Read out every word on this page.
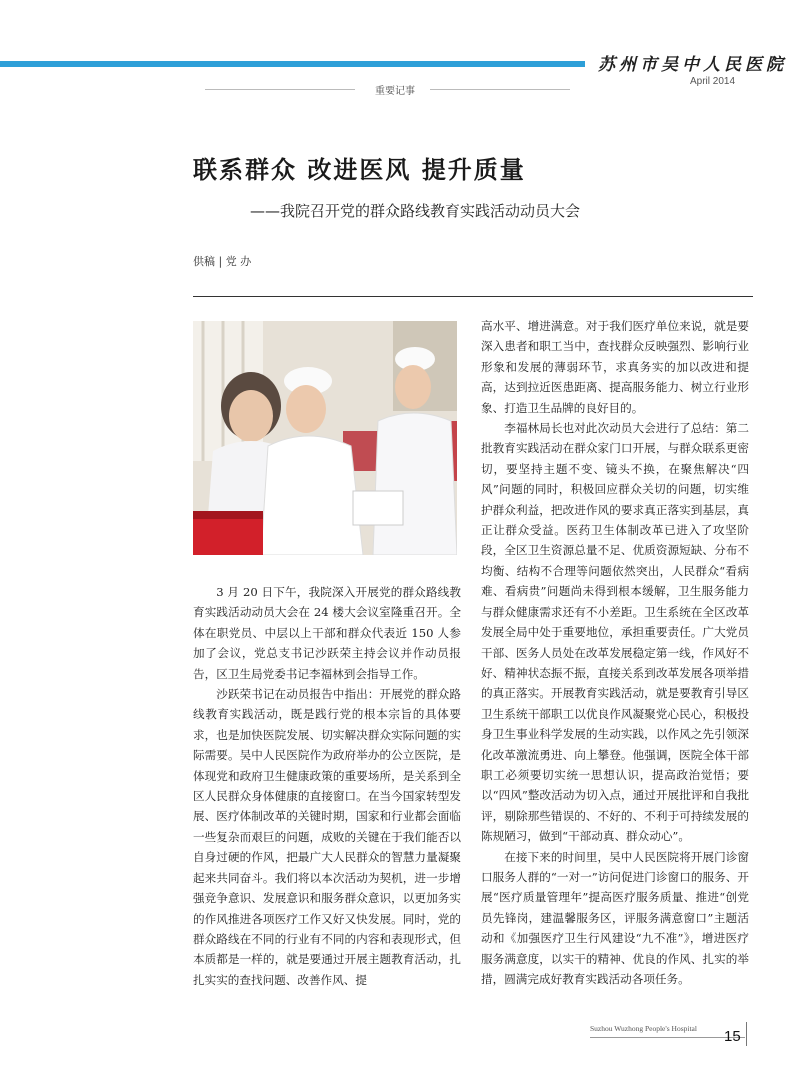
苏州市吴中人民医院
April 2014
重要记事
联系群众 改进医风 提升质量
——我院召开党的群众路线教育实践活动动员大会
供稿 | 党 办

3 月 20 日下午，我院深入开展党的群众路线教育实践活动动员大会在 24 楼大会议室隆重召开。全体在职党员、中层以上干部和群众代表近 150 人参加了会议，党总支书记沙跃荣主持会议并作动员报告，区卫生局党委书记李福林到会指导工作。

沙跃荣书记在动员报告中指出：开展党的群众路线教育实践活动，既是践行党的根本宗旨的具体要求，也是加快医院发展、切实解决群众实际问题的实际需要。吴中人民医院作为政府举办的公立医院，是体现党和政府卫生健康政策的重要场所，是关系到全区人民群众身体健康的直接窗口。在当今国家转型发展、医疗体制改革的关键时期，国家和行业都会面临一些复杂而艰巨的问题，成败的关键在于我们能否以自身过硬的作风，把最广大人民群众的智慧力量凝聚起来共同奋斗。我们将以本次活动为契机，进一步增强竞争意识、发展意识和服务群众意识，以更加务实的作风推进各项医疗工作又好又快发展。同时，党的群众路线在不同的行业有不同的内容和表现形式，但本质都是一样的，就是要通过开展主题教育活动，扎扎实实的查找问题、改善作风、提

高水平、增进满意。对于我们医疗单位来说，就是要深入患者和职工当中，查找群众反映强烈、影响行业形象和发展的薄弱环节，求真务实的加以改进和提高，达到拉近医患距离、提高服务能力、树立行业形象、打造卫生品牌的良好目的。

李福林局长也对此次动员大会进行了总结：第二批教育实践活动在群众家门口开展，与群众联系更密切，要坚持主题不变、镜头不换，在聚焦解决“四风”问题的同时，积极回应群众关切的问题，切实维护群众利益，把改进作风的要求真正落实到基层，真正让群众受益。医药卫生体制改革已进入了攻坚阶段，全区卫生资源总量不足、优质资源短缺、分布不均衡、结构不合理等问题依然突出，人民群众“看病难、看病贵”问题尚未得到根本缓解，卫生服务能力与群众健康需求还有不小差距。卫生系统在全区改革发展全局中处于重要地位，承担重要责任。广大党员干部、医务人员处在改革发展稳定第一线，作风好不好、精神状态振不振，直接关系到改革发展各项举措的真正落实。开展教育实践活动，就是要教育引导区卫生系统干部职工以优良作风凝聚党心民心，积极投身卫生事业科学发展的生动实践，以作风之先引领深化改革激流勇进、向上攀登。他强调，医院全体干部职工必须要切实统一思想认识，提高政治觉悟；要以“四风”整改活动为切入点，通过开展批评和自我批评，剔除那些错误的、不好的、不利于可持续发展的陈规陋习，做到“干部动真、群众动心”。

在接下来的时间里，吴中人民医院将开展门诊窗口服务人群的“一对一”访问促进门诊窗口的服务、开展“医疗质量管理年”提高医疗服务质量、推进“创党员先锋岗，建温馨服务区，评服务满意窗口”主题活动和《加强医疗卫生行风建设“九不准”》，增进医疗服务满意度，以实干的精神、优良的作风、扎实的举措，圆满完成好教育实践活动各项任务。

Suzhou Wuzhong People's Hospital	15
